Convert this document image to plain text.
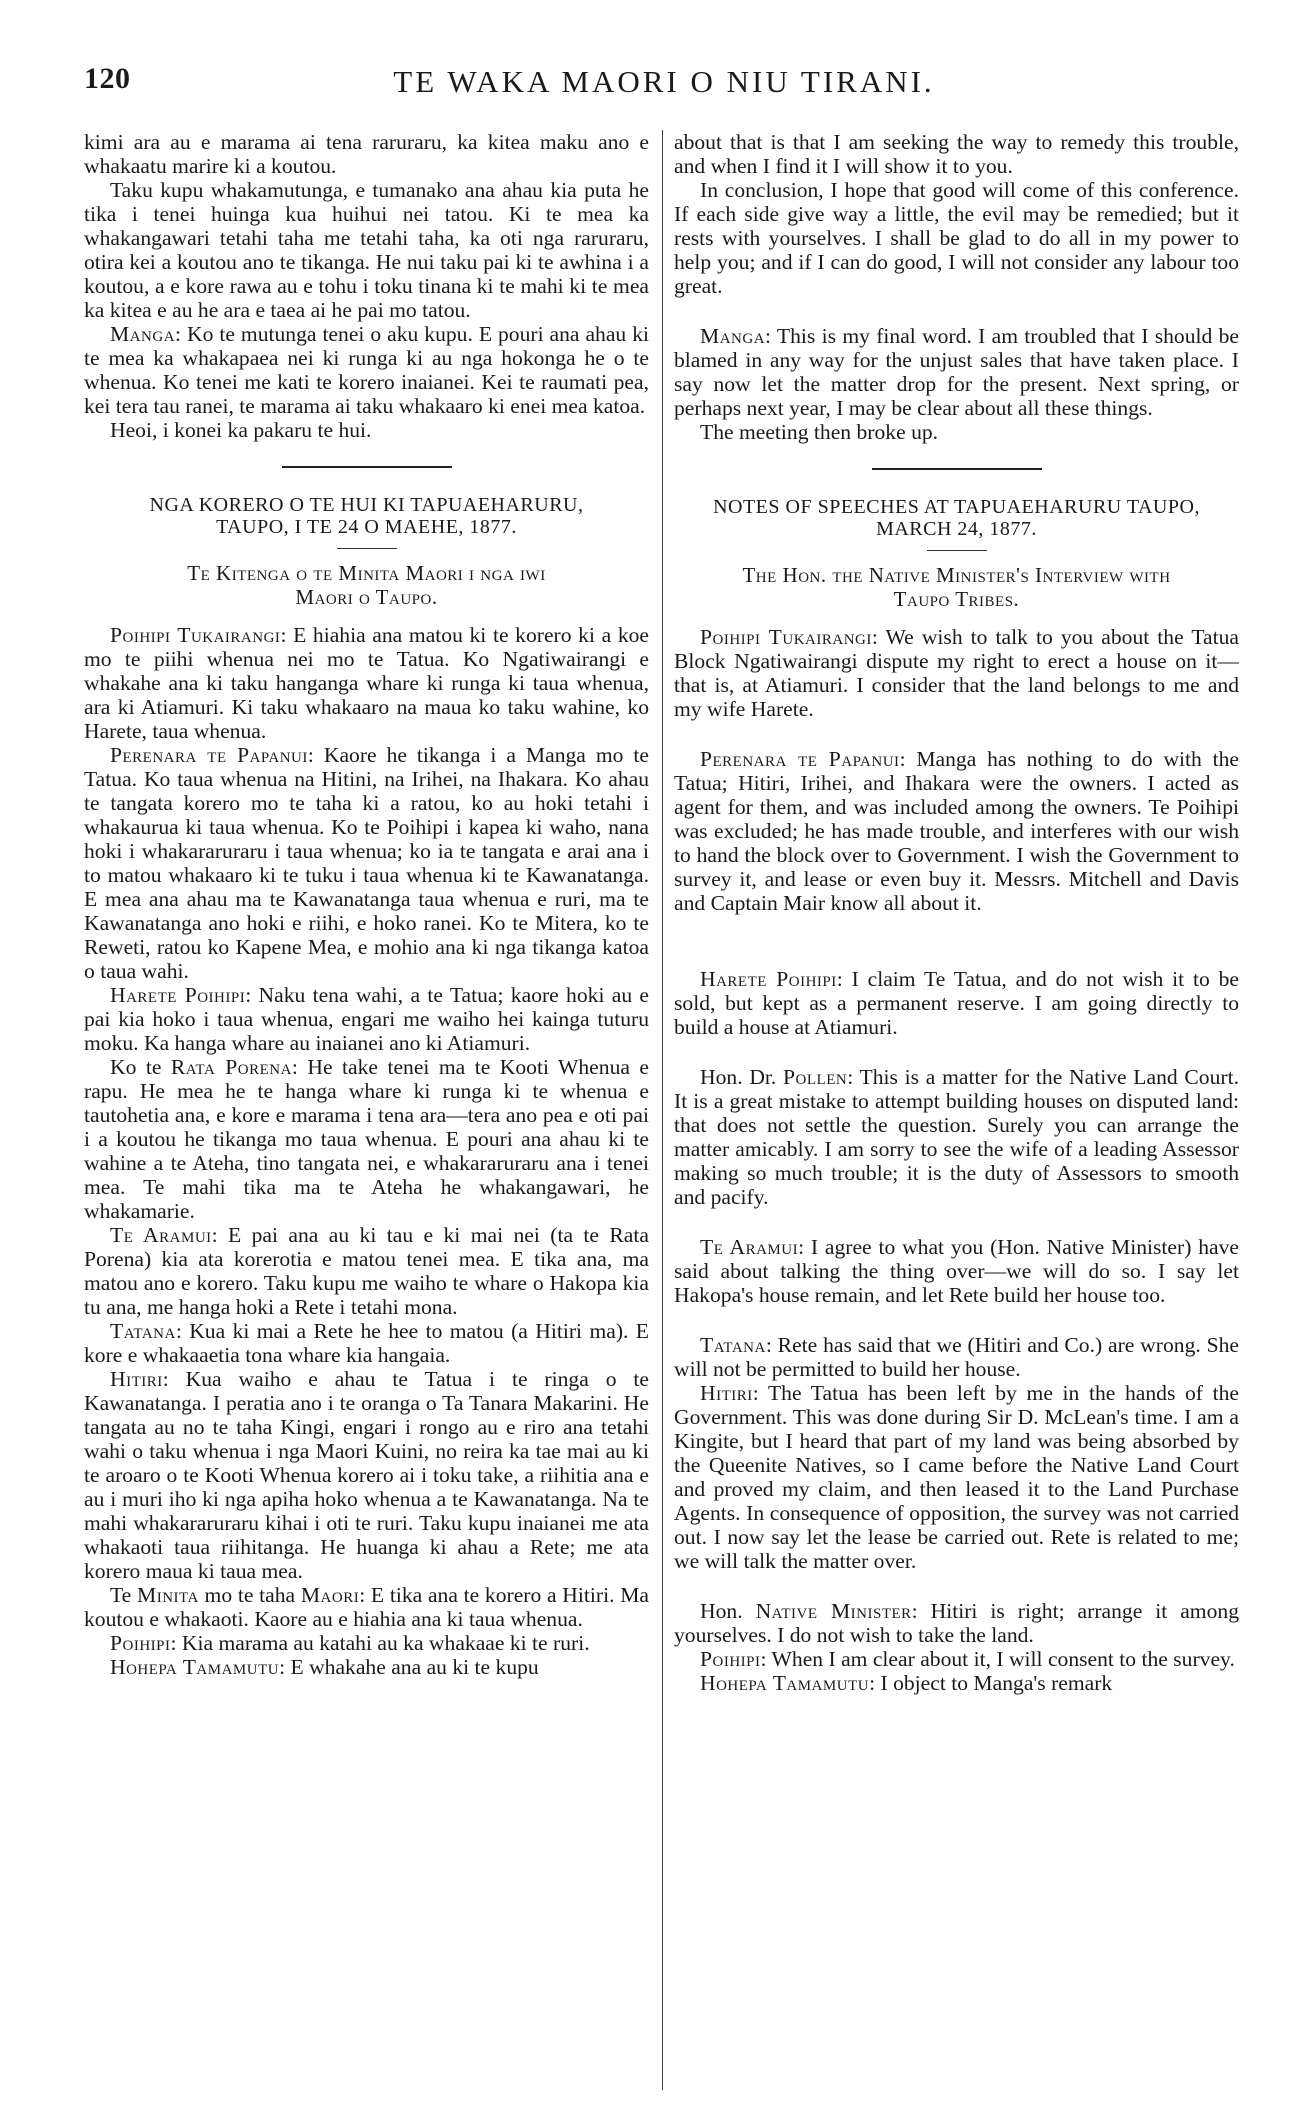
120	TE WAKA MAORI O NIU TIRANI.

kimi ara au e marama ai tena raruraru, ka kitea maku ano e whakaatu marire ki a koutou.

Taku kupu whakamutunga, e tumanako ana ahau kia puta he tika i tenei huinga kua huihui nei tatou. Ki te mea ka whakangawari tetahi taha me tetahi taha, ka oti nga raruraru, otira kei a koutou ano te tikanga. He nui taku pai ki te awhina i a koutou, a e kore rawa au e tohu i toku tinana ki te mahi ki te mea ka kitea e au he ara e taea ai he pai mo tatou.

Manga: Ko te mutunga tenei o aku kupu. E pouri ana ahau ki te mea ka whakapaea nei ki runga ki au nga hokonga he o te whenua. Ko tenei me kati te korero inaianei. Kei te raumati pea, kei tera tau ranei, te marama ai taku whakaaro ki enei mea katoa.

Heoi, i konei ka pakaru te hui.

NGA KORERO O TE HUI KI TAPUAEHARURU,
TAUPO, I TE 24 O MAEHE, 1877.
Te Kitenga o te Minita Maori i nga iwi
Maori o Taupo.

Poihipi Tukairangi: E hiahia ana matou ki te korero ki a koe mo te piihi whenua nei mo te Tatua. Ko Ngatiwairangi e whakahe ana ki taku hanganga whare ki runga ki taua whenua, ara ki Atiamuri. Ki taku whakaaro na maua ko taku wahine, ko Harete, taua whenua.

Perenara te Papanui: Kaore he tikanga i a Manga mo te Tatua. Ko taua whenua na Hitini, na Irihei, na Ihakara. Ko ahau te tangata korero mo te taha ki a ratou, ko au hoki tetahi i whakaurua ki taua whenua. Ko te Poihipi i kapea ki waho, nana hoki i whakararuraru i taua whenua; ko ia te tangata e arai ana i to matou whakaaro ki te tuku i taua whenua ki te Kawanatanga. E mea ana ahau ma te Kawanatanga taua whenua e ruri, ma te Kawanatanga ano hoki e riihi, e hoko ranei. Ko te Mitera, ko te Reweti, ratou ko Kapene Mea, e mohio ana ki nga tikanga katoa o taua wahi.

Harete Poihipi: Naku tena wahi, a te Tatua; kaore hoki au e pai kia hoko i taua whenua, engari me waiho hei kainga tuturu moku. Ka hanga whare au inaianei ano ki Atiamuri.

Ko te Rata Porena: He take tenei ma te Kooti Whenua e rapu. He mea he te hanga whare ki runga ki te whenua e tautohetia ana, e kore e marama i tena ara—tera ano pea e oti pai i a koutou he tikanga mo taua whenua. E pouri ana ahau ki te wahine a te Ateha, tino tangata nei, e whakararuraru ana i tenei mea. Te mahi tika ma te Ateha he whakangawari, he whakamarie.

Te Aramui: E pai ana au ki tau e ki mai nei (ta te Rata Porena) kia ata korerotia e matou tenei mea. E tika ana, ma matou ano e korero. Taku kupu me waiho te whare o Hakopa kia tu ana, me hanga hoki a Rete i tetahi mona.

Tatana: Kua ki mai a Rete he hee to matou (a Hitiri ma). E kore e whakaaetia tona whare kia hangaia.

Hitiri: Kua waiho e ahau te Tatua i te ringa o te Kawanatanga. I peratia ano i te oranga o Ta Tanara Makarini. He tangata au no te taha Kingi, engari i rongo au e riro ana tetahi wahi o taku whenua i nga Maori Kuini, no reira ka tae mai au ki te aroaro o te Kooti Whenua korero ai i toku take, a riihitia ana e au i muri iho ki nga apiha hoko whenua a te Kawanatanga. Na te mahi whakararuraru kihai i oti te ruri. Taku kupu inaianei me ata whakaoti taua riihitanga. He huanga ki ahau a Rete; me ata korero maua ki taua mea.

Te Minita mo te taha Maori: E tika ana te korero a Hitiri. Ma koutou e whakaoti. Kaore au e hiahia ana ki taua whenua.

Poihipi: Kia marama au katahi au ka whakaae ki te ruri.

Hohepa Tamamutu: E whakahe ana au ki te kupu

about that is that I am seeking the way to remedy this trouble, and when I find it I will show it to you.

In conclusion, I hope that good will come of this conference. If each side give way a little, the evil may be remedied; but it rests with yourselves. I shall be glad to do all in my power to help you; and if I can do good, I will not consider any labour too great.

Manga: This is my final word. I am troubled that I should be blamed in any way for the unjust sales that have taken place. I say now let the matter drop for the present. Next spring, or perhaps next year, I may be clear about all these things.

The meeting then broke up.

NOTES OF SPEECHES AT TAPUAEHARURU TAUPO,
MARCH 24, 1877.
The Hon. the Native Minister's Interview with
Taupo Tribes.

Poihipi Tukairangi: We wish to talk to you about the Tatua Block Ngatiwairangi dispute my right to erect a house on it—that is, at Atiamuri. I consider that the land belongs to me and my wife Harete.

Perenara te Papanui: Manga has nothing to do with the Tatua; Hitiri, Irihei, and Ihakara were the owners. I acted as agent for them, and was included among the owners. Te Poihipi was excluded; he has made trouble, and interferes with our wish to hand the block over to Government. I wish the Government to survey it, and lease or even buy it. Messrs. Mitchell and Davis and Captain Mair know all about it.

Harete Poihipi: I claim Te Tatua, and do not wish it to be sold, but kept as a permanent reserve. I am going directly to build a house at Atiamuri.

Hon. Dr. Pollen: This is a matter for the Native Land Court. It is a great mistake to attempt building houses on disputed land: that does not settle the question. Surely you can arrange the matter amicably. I am sorry to see the wife of a leading Assessor making so much trouble; it is the duty of Assessors to smooth and pacify.

Te Aramui: I agree to what you (Hon. Native Minister) have said about talking the thing over—we will do so. I say let Hakopa's house remain, and let Rete build her house too.

Tatana: Rete has said that we (Hitiri and Co.) are wrong. She will not be permitted to build her house.

Hitiri: The Tatua has been left by me in the hands of the Government. This was done during Sir D. McLean's time. I am a Kingite, but I heard that part of my land was being absorbed by the Queenite Natives, so I came before the Native Land Court and proved my claim, and then leased it to the Land Purchase Agents. In consequence of opposition, the survey was not carried out. I now say let the lease be carried out. Rete is related to me; we will talk the matter over.

Hon. Native Minister: Hitiri is right; arrange it among yourselves. I do not wish to take the land.

Poihipi: When I am clear about it, I will consent to the survey.

Hohepa Tamamutu: I object to Manga's remark
